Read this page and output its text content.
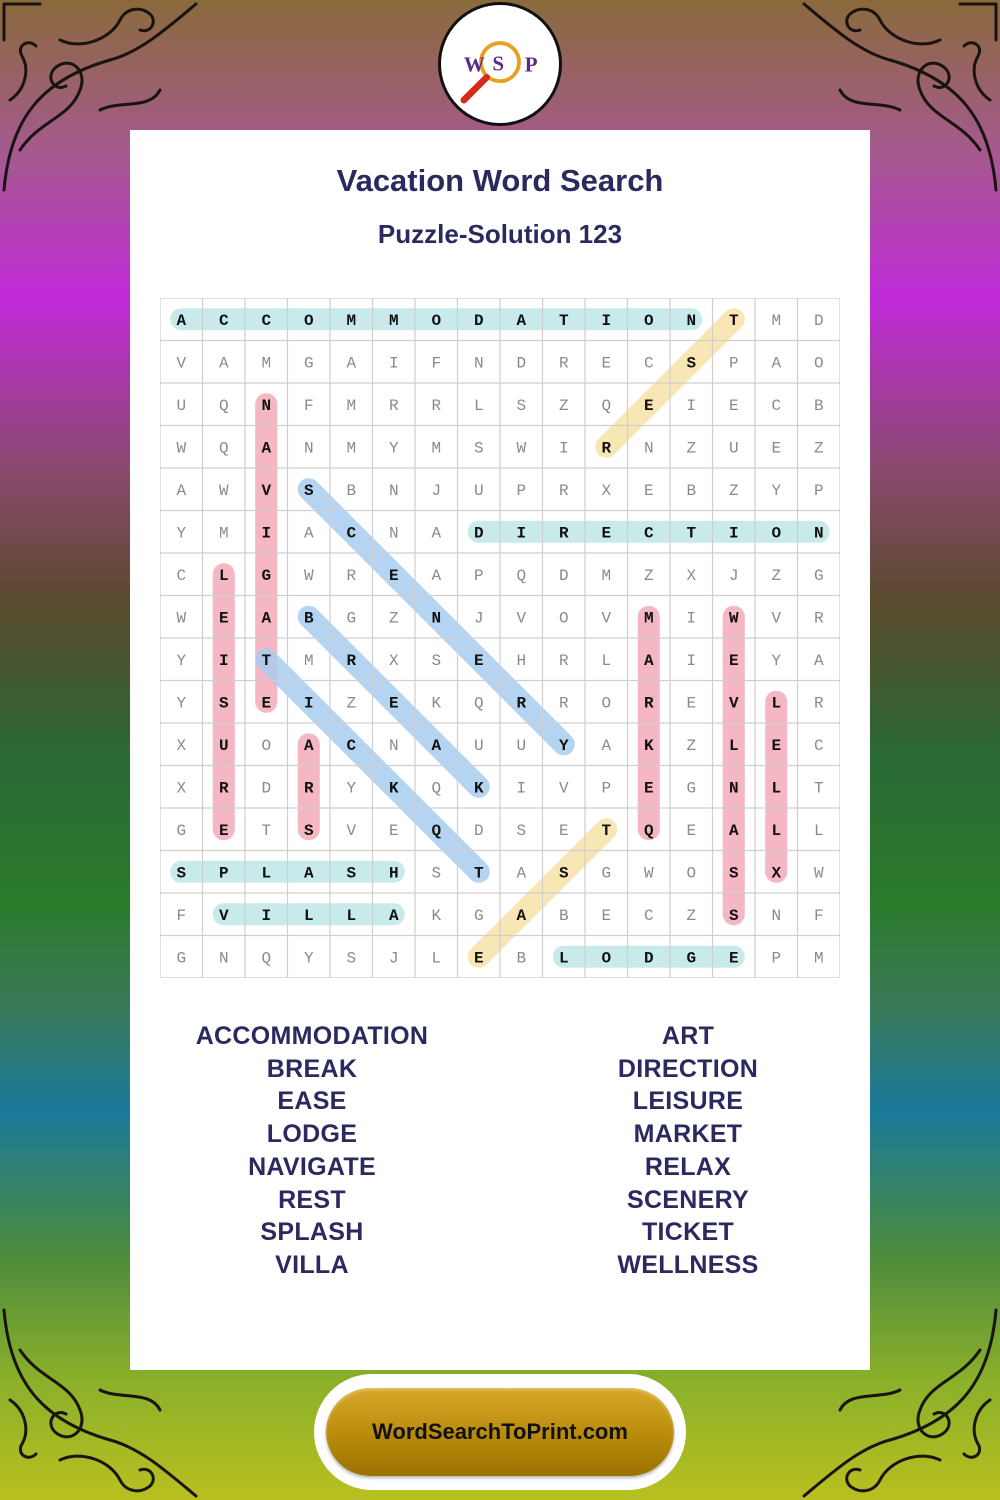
W S P
Vacation Word Search
Puzzle-Solution 123
A C C O M M O D A T I O N T M D
V A M G A I F N D R E C S P A O
U Q N F M R R L S Z Q E I E C B
W Q A N M Y M S W I R N Z U E Z
A W V S B N J U P R X E B Z Y P
Y M I A C N A D I R E C T I O N
C L G W R E A P Q D M Z X J Z G
W E A B G Z N J V O V M I W V R
Y I T M R X S E H R L A I E Y A
Y S E I Z E K Q R R O R E V L R
X U O A C N A U U Y A K Z L E C
X R D R Y K Q K I V P E G N L T
G E T S V E Q D S E T Q E A L L
S P L A S H S T A S G W O S X W
F V I L L A K G A B E C Z S N F
G N Q Y S J L E B L O D G E P M
ACCOMMODATION
BREAK
EASE
LODGE
NAVIGATE
REST
SPLASH
VILLA
ART
DIRECTION
LEISURE
MARKET
RELAX
SCENERY
TICKET
WELLNESS
WordSearchToPrint.com
